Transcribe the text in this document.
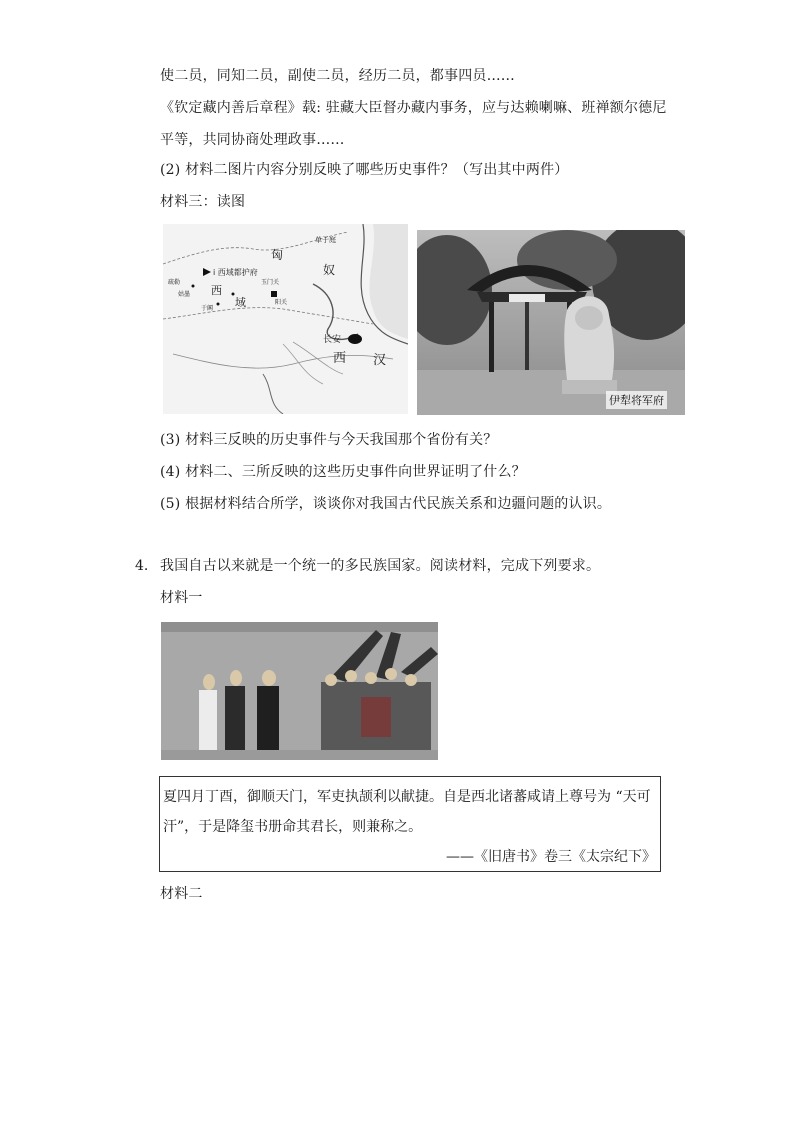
使二员，同知二员，副使二员，经历二员，都事四员……
《钦定藏内善后章程》载: 驻藏大臣督办藏内事务，应与达赖喇嘛、班禅额尔德尼
平等，共同协商处理政事……
(2) 材料二图片内容分别反映了哪些历史事件？（写出其中两件）
材料三：读图
单于庭
匈
奴
i 西域都护府
西
域
玉门关
阳关
疏勒
于阗
姑墨
长安
西 汉
伊犁将军府
(3) 材料三反映的历史事件与今天我国那个省份有关？
(4) 材料二、三所反映的这些历史事件向世界证明了什么？
(5) 根据材料结合所学，谈谈你对我国古代民族关系和边疆问题的认识。
4. 我国自古以来就是一个统一的多民族国家。阅读材料，完成下列要求。
材料一
夏四月丁酉，御顺天门，军吏执颉利以献捷。自是西北诸蕃咸请上尊号为 “天可
汗”，于是降玺书册命其君长，则兼称之。
——《旧唐书》卷三《太宗纪下》
材料二
